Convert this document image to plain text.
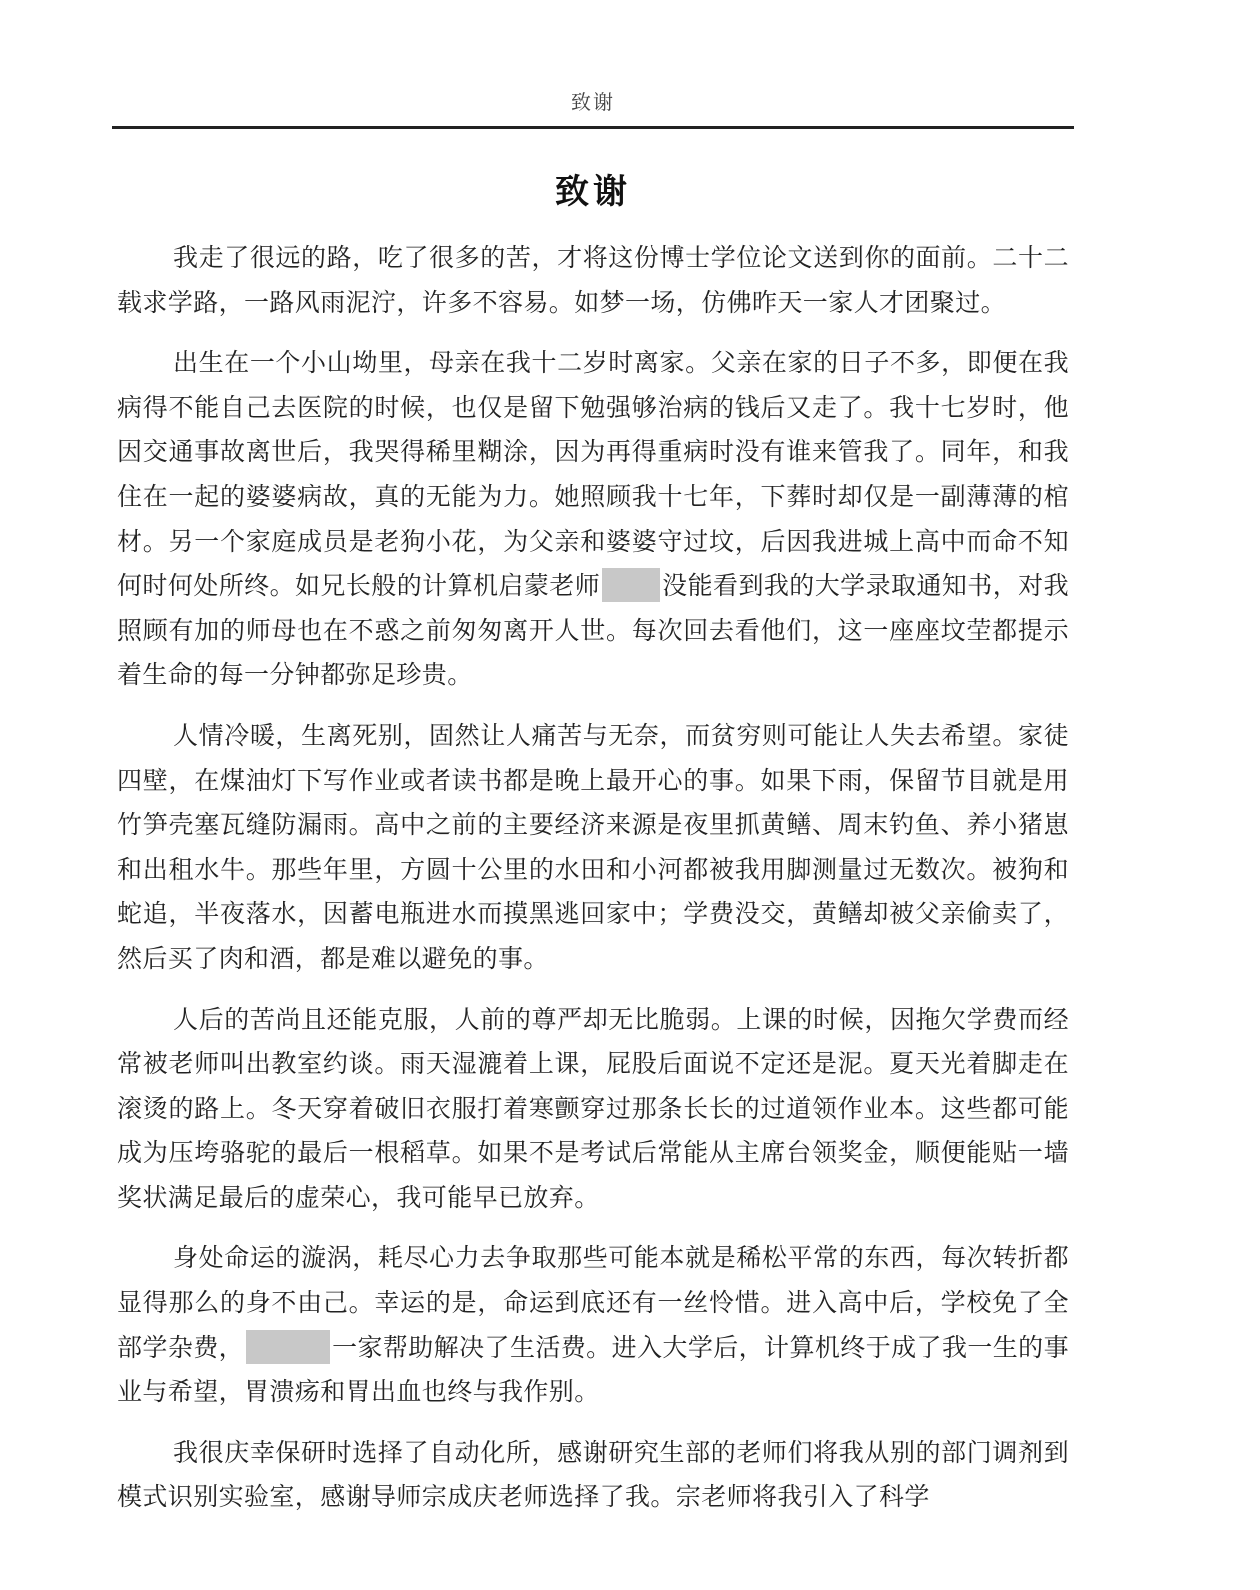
致谢
致谢

我走了很远的路，吃了很多的苦，才将这份博士学位论文送到你的面前。二十二载求学路，一路风雨泥泞，许多不容易。如梦一场，仿佛昨天一家人才团聚过。

出生在一个小山坳里，母亲在我十二岁时离家。父亲在家的日子不多，即便在我病得不能自己去医院的时候，也仅是留下勉强够治病的钱后又走了。我十七岁时，他因交通事故离世后，我哭得稀里糊涂，因为再得重病时没有谁来管我了。同年，和我住在一起的婆婆病故，真的无能为力。她照顾我十七年，下葬时却仅是一副薄薄的棺材。另一个家庭成员是老狗小花，为父亲和婆婆守过坟，后因我进城上高中而命不知何时何处所终。如兄长般的计算机启蒙老师 没能看到我的大学录取通知书，对我照顾有加的师母也在不惑之前匆匆离开人世。每次回去看他们，这一座座坟茔都提示着生命的每一分钟都弥足珍贵。

人情冷暖，生离死别，固然让人痛苦与无奈，而贫穷则可能让人失去希望。家徒四壁，在煤油灯下写作业或者读书都是晚上最开心的事。如果下雨，保留节目就是用竹笋壳塞瓦缝防漏雨。高中之前的主要经济来源是夜里抓黄鳝、周末钓鱼、养小猪崽和出租水牛。那些年里，方圆十公里的水田和小河都被我用脚测量过无数次。被狗和蛇追，半夜落水，因蓄电瓶进水而摸黑逃回家中；学费没交，黄鳝却被父亲偷卖了，然后买了肉和酒，都是难以避免的事。

人后的苦尚且还能克服，人前的尊严却无比脆弱。上课的时候，因拖欠学费而经常被老师叫出教室约谈。雨天湿漉着上课，屁股后面说不定还是泥。夏天光着脚走在滚烫的路上。冬天穿着破旧衣服打着寒颤穿过那条长长的过道领作业本。这些都可能成为压垮骆驼的最后一根稻草。如果不是考试后常能从主席台领奖金，顺便能贴一墙奖状满足最后的虚荣心，我可能早已放弃。

身处命运的漩涡，耗尽心力去争取那些可能本就是稀松平常的东西，每次转折都显得那么的身不由己。幸运的是，命运到底还有一丝怜惜。进入高中后，学校免了全部学杂费，	一家帮助解决了生活费。进入大学后，计算机终于成了我一生的事业与希望，胃溃疡和胃出血也终与我作别。

我很庆幸保研时选择了自动化所，感谢研究生部的老师们将我从别的部门调剂到模式识别实验室，感谢导师宗成庆老师选择了我。宗老师将我引入了科学
